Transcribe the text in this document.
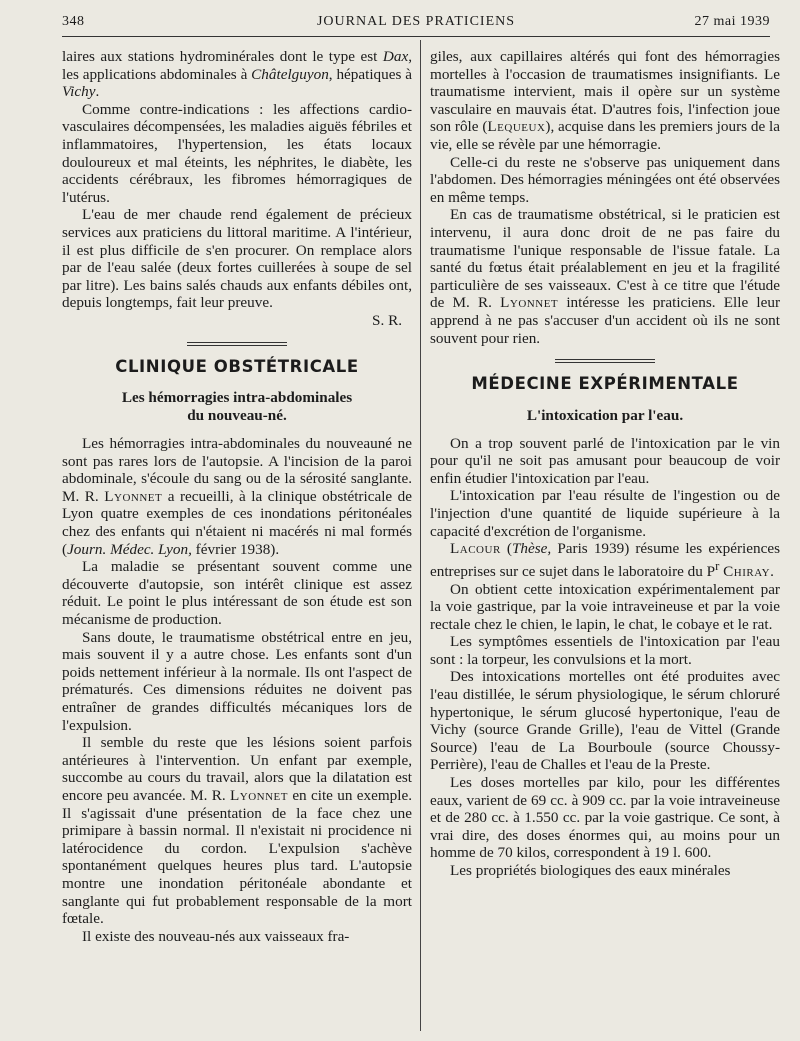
348	JOURNAL DES PRATICIENS	27 mai 1939

laires aux stations hydrominérales dont le type est Dax, les applications abdominales à Châtelguyon, hépatiques à Vichy.

Comme contre-indications : les affections cardio-vasculaires décompensées, les maladies aiguës fébriles et inflammatoires, l'hypertension, les états locaux douloureux et mal éteints, les néphrites, le diabète, les accidents cérébraux, les fibromes hémorragiques de l'utérus.

L'eau de mer chaude rend également de précieux services aux praticiens du littoral maritime. A l'intérieur, il est plus difficile de s'en procurer. On remplace alors par de l'eau salée (deux fortes cuillerées à soupe de sel par litre). Les bains salés chauds aux enfants débiles ont, depuis longtemps, fait leur preuve.

S. R.

CLINIQUE OBSTÉTRICALE
Les hémorragies intra-abdominales
du nouveau-né.

Les hémorragies intra-abdominales du nouveauné ne sont pas rares lors de l'autopsie. A l'incision de la paroi abdominale, s'écoule du sang ou de la sérosité sanglante. M. R. Lyonnet a recueilli, à la clinique obstétricale de Lyon quatre exemples de ces inondations péritonéales chez des enfants qui n'étaient ni macérés ni mal formés (Journ. Médec. Lyon, février 1938).

La maladie se présentant souvent comme une découverte d'autopsie, son intérêt clinique est assez réduit. Le point le plus intéressant de son étude est son mécanisme de production.

Sans doute, le traumatisme obstétrical entre en jeu, mais souvent il y a autre chose. Les enfants sont d'un poids nettement inférieur à la normale. Ils ont l'aspect de prématurés. Ces dimensions réduites ne doivent pas entraîner de grandes difficultés mécaniques lors de l'expulsion.

Il semble du reste que les lésions soient parfois antérieures à l'intervention. Un enfant par exemple, succombe au cours du travail, alors que la dilatation est encore peu avancée. M. R. Lyonnet en cite un exemple. Il s'agissait d'une présentation de la face chez une primipare à bassin normal. Il n'existait ni procidence ni latérocidence du cordon. L'expulsion s'achève spontanément quelques heures plus tard. L'autopsie montre une inondation péritonéale abondante et sanglante qui fut probablement responsable de la mort fœtale.

Il existe des nouveau-nés aux vaisseaux fra-

giles, aux capillaires altérés qui font des hémorragies mortelles à l'occasion de traumatismes insignifiants. Le traumatisme intervient, mais il opère sur un système vasculaire en mauvais état. D'autres fois, l'infection joue son rôle (Lequeux), acquise dans les premiers jours de la vie, elle se révèle par une hémorragie.

Celle-ci du reste ne s'observe pas uniquement dans l'abdomen. Des hémorragies méningées ont été observées en même temps.

En cas de traumatisme obstétrical, si le praticien est intervenu, il aura donc droit de ne pas faire du traumatisme l'unique responsable de l'issue fatale. La santé du fœtus était préalablement en jeu et la fragilité particulière de ses vaisseaux. C'est à ce titre que l'étude de M. R. Lyonnet intéresse les praticiens. Elle leur apprend à ne pas s'accuser d'un accident où ils ne sont souvent pour rien.

MÉDECINE EXPÉRIMENTALE
L'intoxication par l'eau.

On a trop souvent parlé de l'intoxication par le vin pour qu'il ne soit pas amusant pour beaucoup de voir enfin étudier l'intoxication par l'eau.

L'intoxication par l'eau résulte de l'ingestion ou de l'injection d'une quantité de liquide supérieure à la capacité d'excrétion de l'organisme.

Lacour (Thèse, Paris 1939) résume les expériences entreprises sur ce sujet dans le laboratoire du $P^r$ Chiray.

On obtient cette intoxication expérimentalement par la voie gastrique, par la voie intraveineuse et par la voie rectale chez le chien, le lapin, le chat, le cobaye et le rat.

Les symptômes essentiels de l'intoxication par l'eau sont : la torpeur, les convulsions et la mort.

Des intoxications mortelles ont été produites avec l'eau distillée, le sérum physiologique, le sérum chloruré hypertonique, le sérum glucosé hypertonique, l'eau de Vichy (source Grande Grille), l'eau de Vittel (Grande Source) l'eau de La Bourboule (source Choussy-Perrière), l'eau de Challes et l'eau de la Preste.

Les doses mortelles par kilo, pour les différentes eaux, varient de 69 cc. à 909 cc. par la voie intraveineuse et de 280 cc. à 1.550 cc. par la voie gastrique. Ce sont, à vrai dire, des doses énormes qui, au moins pour un homme de 70 kilos, correspondent à 19 l. 600.

Les propriétés biologiques des eaux minérales
